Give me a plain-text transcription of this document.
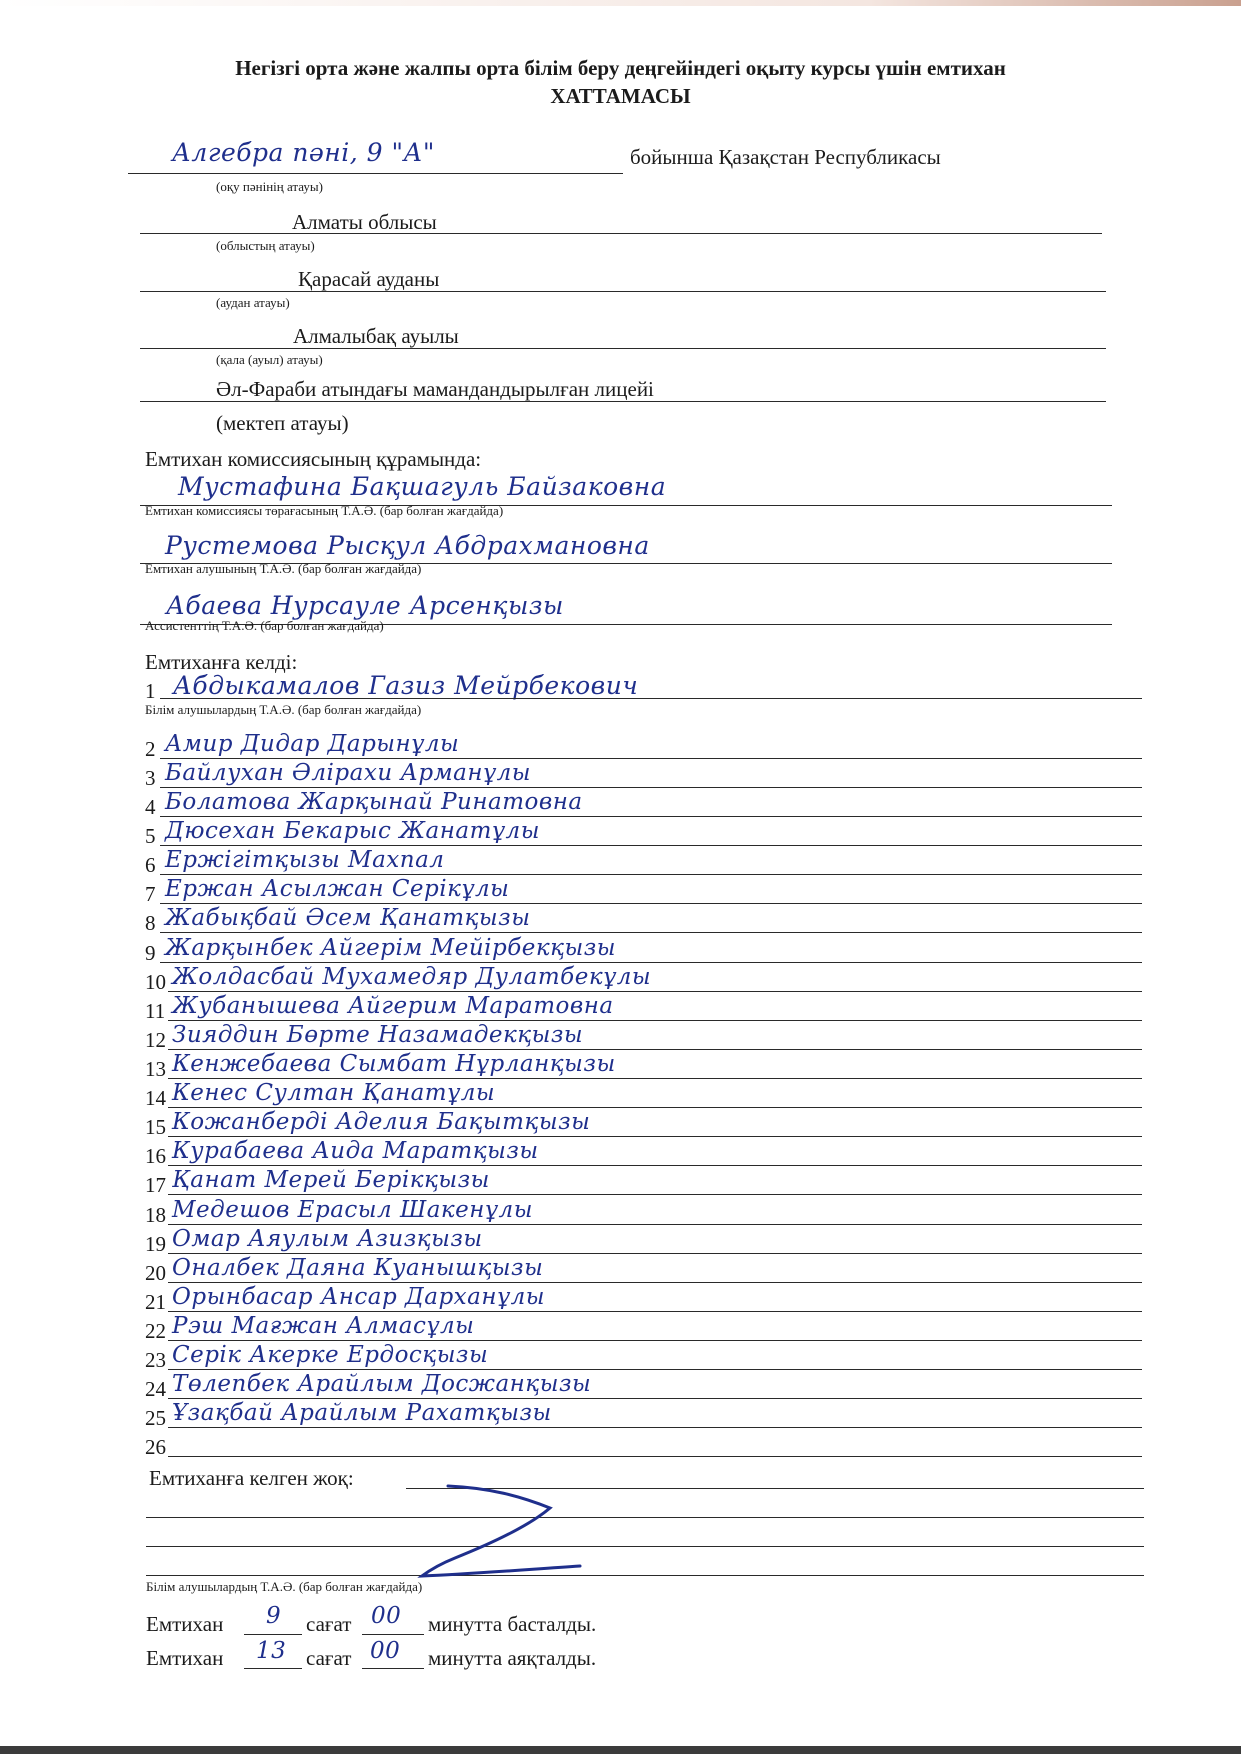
Негізгі орта және жалпы орта білім беру деңгейіндегі оқыту курсы үшін емтихан
ХАТТАМАСЫ
Алгебра пәні, 9 "А"	бойынша Қазақстан Республикасы
(оқу пәнінің атауы)
Алматы облысы
(облыстың атауы)
Қарасай ауданы
(аудан атауы)
Алмалыбақ ауылы
(қала (ауыл) атауы)
Әл-Фараби атындағы мамандандырылған лицейі
(мектеп атауы)
Емтихан комиссиясының құрамында:
Мустафина Бақшагуль Байзаковна
Емтихан комиссиясы төрағасының Т.А.Ә. (бар болған жағдайда)
Рустемова Рысқул Абдрахмановна
Емтихан алушының Т.А.Ә. (бар болған жағдайда)
Абаева Нурсауле Арсенқызы
Ассистенттің Т.А.Ә. (бар болған жағдайда)
Емтиханға келді:
1 Абдыкамалов Газиз Мейрбекович
Білім алушылардың Т.А.Ә. (бар болған жағдайда)
2 Амир Дидар Дарынұлы
3 Байлухан Әлірахи Арманұлы
4 Болатова Жарқынай Ринатовна
5 Дюсехан Бекарыс Жанатұлы
6 Ержігітқызы Махпал
7 Ержан Асылжан Серікұлы
8 Жабықбай Әсем Қанатқызы
9 Жарқынбек Айгерім Мейірбекқызы
10 Жолдасбай Мухамедяр Дулатбекұлы
11 Жубанышева Айгерим Маратовна
12 Зияддин Бөрте Назамадекқызы
13 Кенжебаева Сымбат Нұрланқызы
14 Кенес Султан Қанатұлы
15 Кожанберді Аделия Бақытқызы
16 Курабаева Аида Маратқызы
17 Қанат Мерей Берікқызы
18 Медешов Ерасыл Шакенұлы
19 Омар Аяулым Азизқызы
20 Оналбек Даяна Куанышқызы
21 Орынбасар Ансар Дарханұлы
22 Рэш Мағжан Алмасұлы
23 Серік Акерке Ердосқызы
24 Төлепбек Арайлым Досжанқызы
25 Ұзақбай Арайлым Рахатқызы
26
Емтиханға келген жоқ:
Білім алушылардың Т.А.Ә. (бар болған жағдайда)
Емтихан 9 сағат 00 минутта басталды.
Емтихан 13 сағат 00 минутта аяқталды.
